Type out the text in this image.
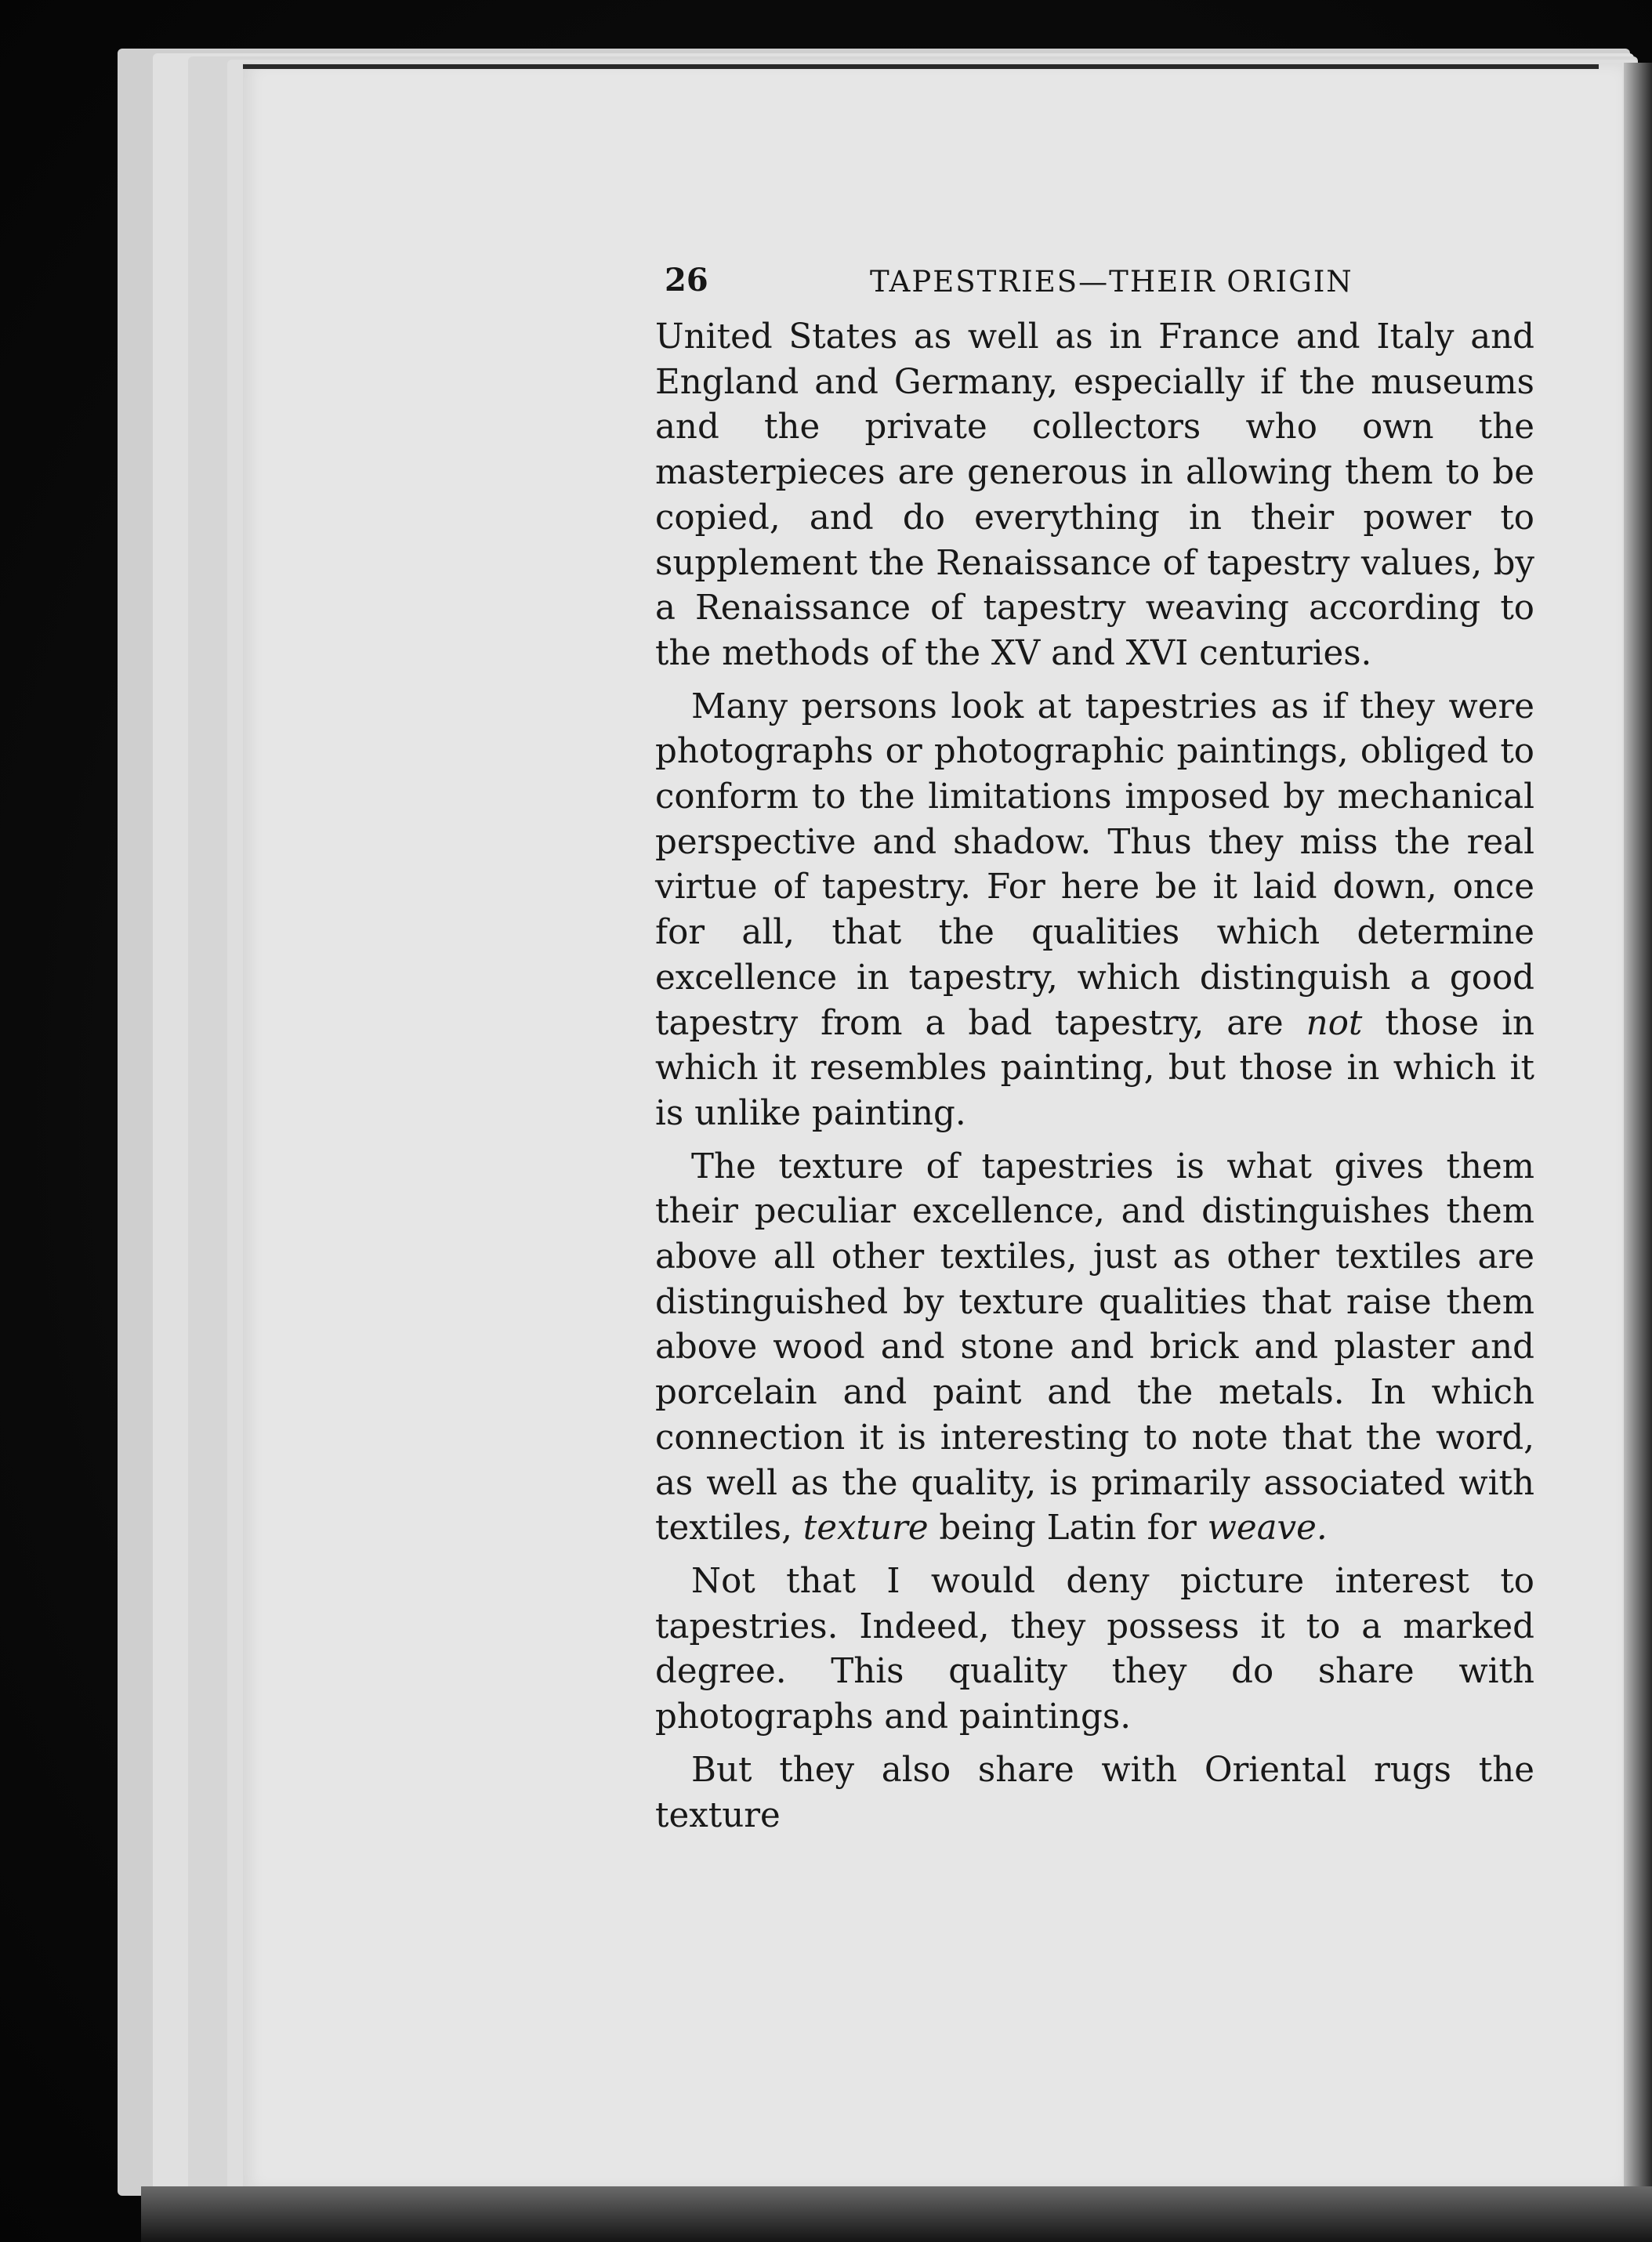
26	TAPESTRIES—THEIR ORIGIN

United States as well as in France and Italy and England and Germany, especially if the museums and the private collectors who own the masterpieces are generous in allowing them to be copied, and do everything in their power to supplement the Renaissance of tapestry values, by a Renaissance of tapestry weaving according to the methods of the XV and XVI centuries.

Many persons look at tapestries as if they were photographs or photographic paintings, obliged to conform to the limitations imposed by mechanical perspective and shadow. Thus they miss the real virtue of tapestry. For here be it laid down, once for all, that the qualities which determine excellence in tapestry, which distinguish a good tapestry from a bad tapestry, are not those in which it resembles painting, but those in which it is unlike painting.

The texture of tapestries is what gives them their peculiar excellence, and distinguishes them above all other textiles, just as other textiles are distinguished by texture qualities that raise them above wood and stone and brick and plaster and porcelain and paint and the metals. In which connection it is interesting to note that the word, as well as the quality, is primarily associated with textiles, texture being Latin for weave.

Not that I would deny picture interest to tapestries. Indeed, they possess it to a marked degree. This quality they do share with photographs and paintings.

But they also share with Oriental rugs the texture
